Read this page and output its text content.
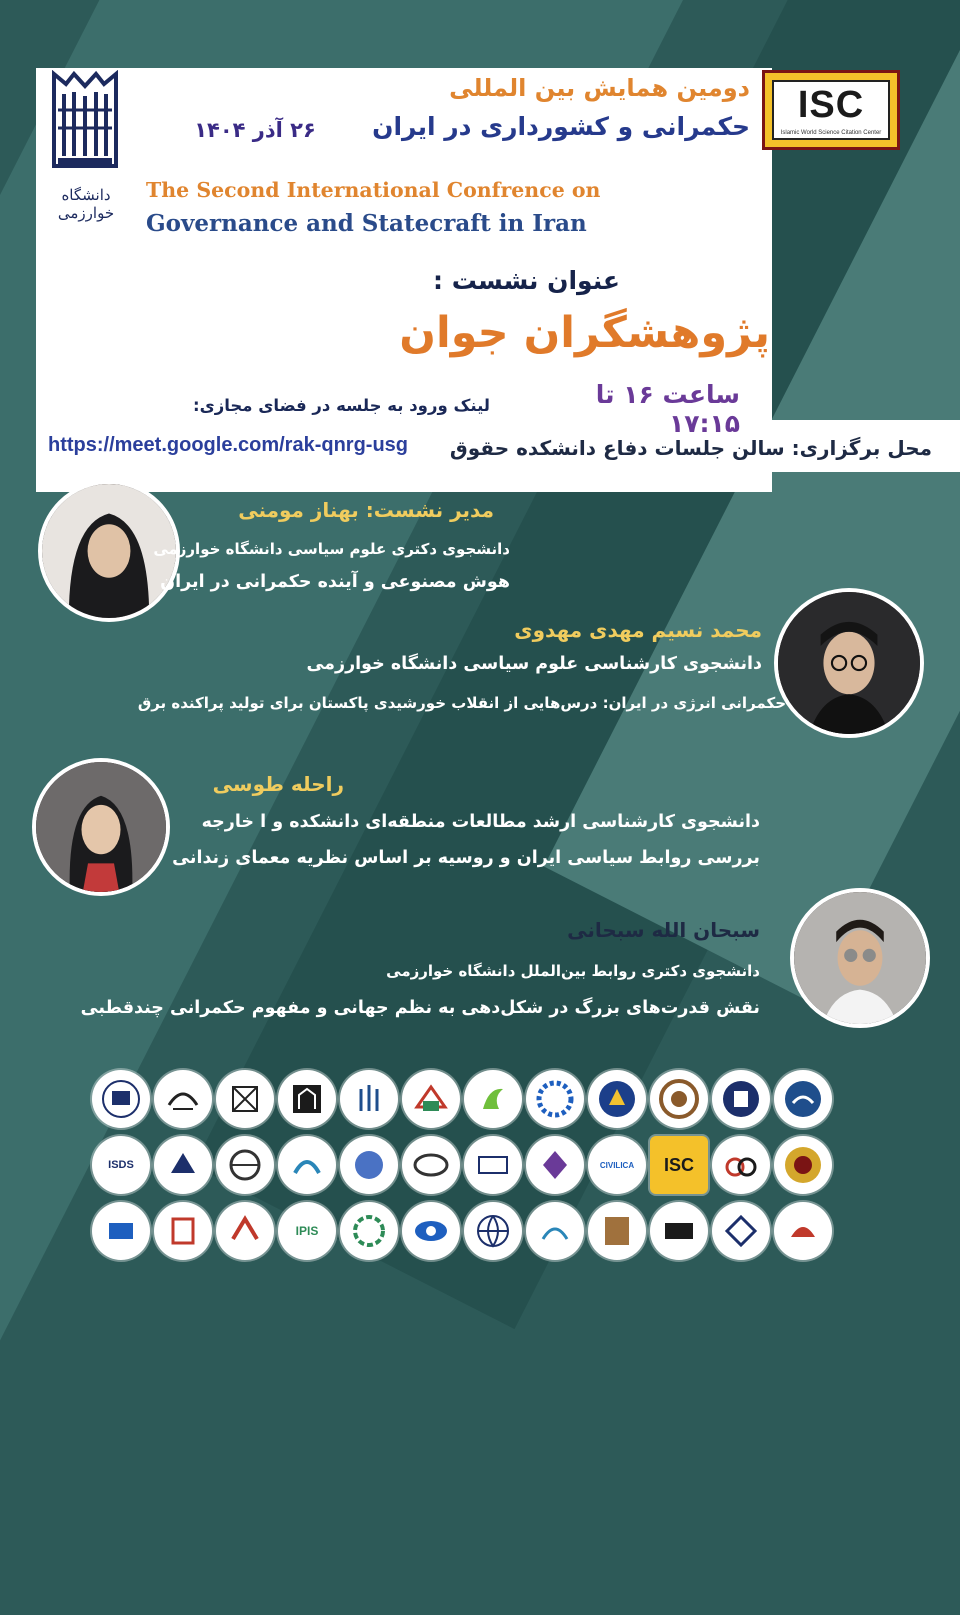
دانشگاه خوارزمی
ISC
Islamic World Science Citation Center
دومین همایش بین المللی
حکمرانی و کشورداری در ایران
۲۶ آذر ۱۴۰۴
The Second International Confrence on
Governance and Statecraft in Iran
عنوان نشست :
پژوهشگران جوان
ساعت ۱۶ تا ۱۷:۱۵
لینک ورود به جلسه در فضای مجازی:
https://meet.google.com/rak-qnrg-usg	محل برگزاری: سالن جلسات دفاع دانشکده حقوق
مدیر نشست: بهناز مومنی
دانشجوی دکتری علوم سیاسی دانشگاه خوارزمی
هوش مصنوعی و آینده حکمرانی در ایران
محمد نسیم مهدی مهدوی
دانشجوی کارشناسی علوم سیاسی دانشگاه خوارزمی
حکمرانی انرژی در ایران: درس‌هایی از انقلاب خورشیدی پاکستان برای تولید پراکنده برق
راحله طوسی
دانشجوی کارشناسی ارشد مطالعات منطقه‌ای دانشکده و ا خارجه
بررسی روابط سیاسی ایران و روسیه بر اساس نظریه معمای زندانی
سبحان الله سبحانی
دانشجوی دکتری روابط بین‌الملل دانشگاه خوارزمی
نقش قدرت‌های بزرگ در شکل‌دهی به نظم جهانی و مفهوم حکمرانی چندقطبی
ISDS	CIVILICA ISC
IPIS
